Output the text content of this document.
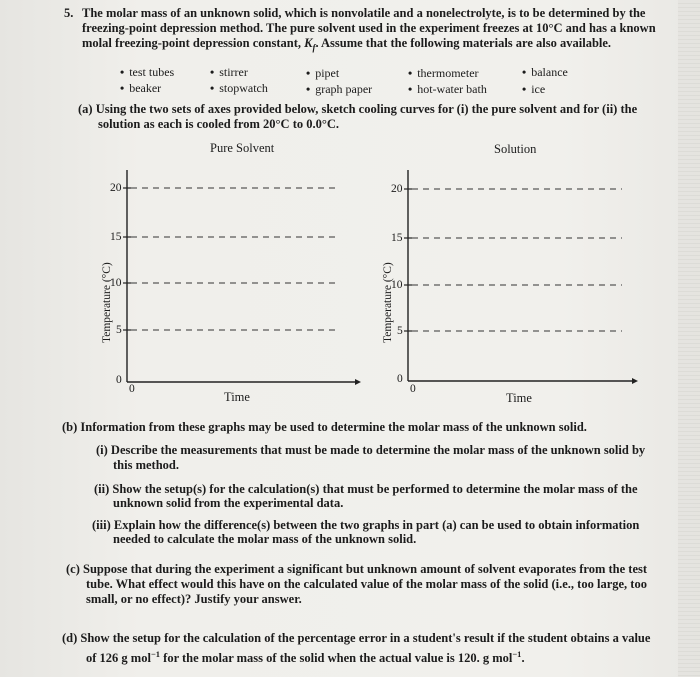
5. The molar mass of an unknown solid, which is nonvolatile and a nonelectrolyte, is to be determined by the
freezing-point depression method. The pure solvent used in the experiment freezes at 10°C and has a known
molal freezing-point depression constant, $K_f$. Assume that the following materials are also available.
• test tubes	• stirrer	• pipet	• thermometer	• balance
• beaker	• stopwatch	• graph paper	• hot-water bath	• ice
(a) Using the two sets of axes provided below, sketch cooling curves for (i) the pure solvent and for (ii) the
solution as each is cooled from 20°C to 0.0°C.
Pure Solvent
20
15
10
5
0
0
Time
Temperature (°C)
Solution
20
15
10
5
0
0
Time
Temperature (°C)
(b) Information from these graphs may be used to determine the molar mass of the unknown solid.
(i) Describe the measurements that must be made to determine the molar mass of the unknown solid by
this method.
(ii) Show the setup(s) for the calculation(s) that must be performed to determine the molar mass of the
unknown solid from the experimental data.
(iii) Explain how the difference(s) between the two graphs in part (a) can be used to obtain information
needed to calculate the molar mass of the unknown solid.
(c) Suppose that during the experiment a significant but unknown amount of solvent evaporates from the test
tube. What effect would this have on the calculated value of the molar mass of the solid (i.e., too large, too
small, or no effect)? Justify your answer.
(d) Show the setup for the calculation of the percentage error in a student's result if the student obtains a value
of 126 g mol$^{-1}$ for the molar mass of the solid when the actual value is 120. g mol$^{-1}$.
